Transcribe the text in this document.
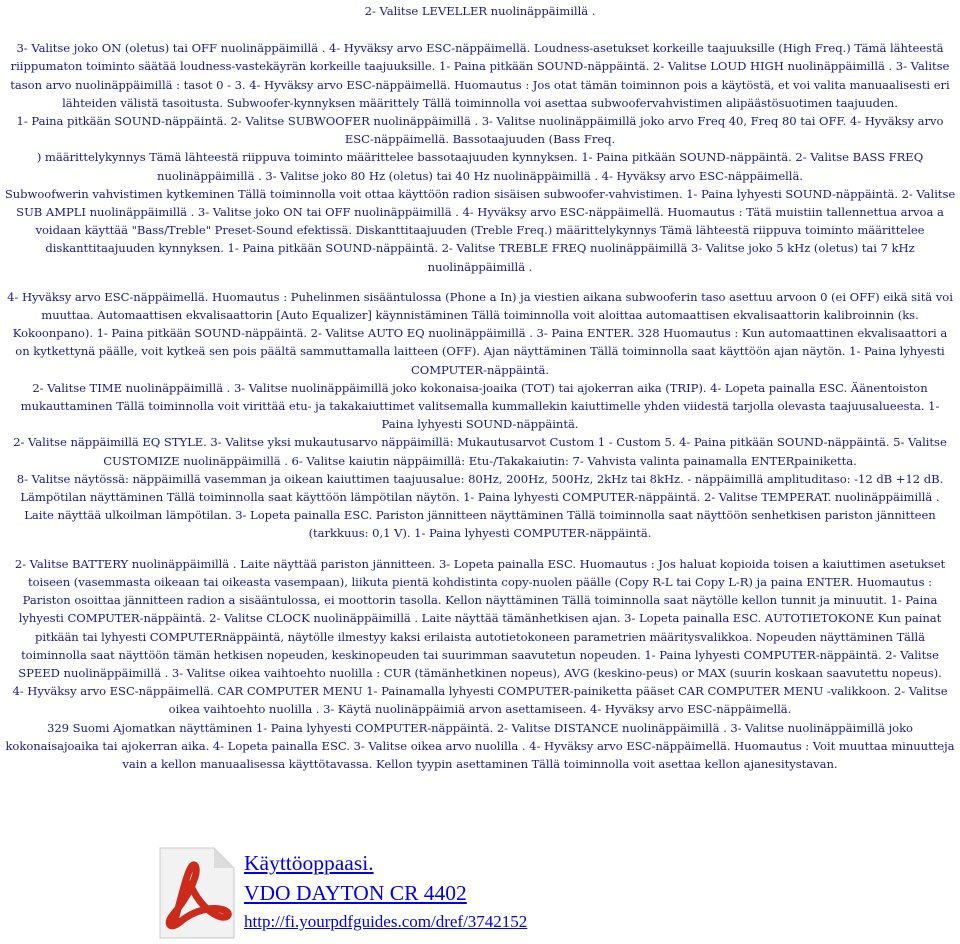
2- Valitse LEVELLER nuolinäppäimillä .

3- Valitse joko ON (oletus) tai OFF nuolinäppäimillä . 4- Hyväksy arvo ESC-näppäimellä. Loudness-asetukset korkeille taajuuksille (High Freq.) Tämä lähteestä riippumaton toiminto säätää loudness-vastekäyrän korkeille taajuuksille. 1- Paina pitkään SOUND-näppäintä. 2- Valitse LOUD HIGH nuolinäppäimillä . 3- Valitse tason arvo nuolinäppäimillä : tasot 0 - 3. 4- Hyväksy arvo ESC-näppäimellä. Huomautus : Jos otat tämän toiminnon pois a käytöstä, et voi valita manuaalisesti eri lähteiden välistä tasoitusta. Subwoofer-kynnyksen määrittely Tällä toiminnolla voi asettaa subwoofervahvistimen alipäästösuotimen taajuuden.

1- Paina pitkään SOUND-näppäintä. 2- Valitse SUBWOOFER nuolinäppäimillä . 3- Valitse nuolinäppäimillä joko arvo Freq 40, Freq 80 tai OFF. 4- Hyväksy arvo ESC-näppäimellä. Bassotaajuuden (Bass Freq.

) määrittelykynnys Tämä lähteestä riippuva toiminto määrittelee bassotaajuuden kynnyksen. 1- Paina pitkään SOUND-näppäintä. 2- Valitse BASS FREQ nuolinäppäimillä . 3- Valitse joko 80 Hz (oletus) tai 40 Hz nuolinäppäimillä . 4- Hyväksy arvo ESC-näppäimellä.

Subwoofwerin vahvistimen kytkeminen Tällä toiminnolla voit ottaa käyttöön radion sisäisen subwoofer-vahvistimen. 1- Paina lyhyesti SOUND-näppäintä. 2- Valitse SUB AMPLI nuolinäppäimillä . 3- Valitse joko ON tai OFF nuolinäppäimillä . 4- Hyväksy arvo ESC-näppäimellä. Huomautus : Tätä muistiin tallennettua arvoa a voidaan käyttää "Bass/Treble" Preset-Sound efektissä. Diskanttitaajuuden (Treble Freq.) määrittelykynnys Tämä lähteestä riippuva toiminto määrittelee diskanttitaajuuden kynnyksen. 1- Paina pitkään SOUND-näppäintä. 2- Valitse TREBLE FREQ nuolinäppäimillä 3- Valitse joko 5 kHz (oletus) tai 7 kHz nuolinäppäimillä .

4- Hyväksy arvo ESC-näppäimellä. Huomautus : Puhelinmen sisääntulossa (Phone a In) ja viestien aikana subwooferin taso asettuu arvoon 0 (ei OFF) eikä sitä voi muuttaa. Automaattisen ekvalisaattorin [Auto Equalizer] käynnistäminen Tällä toiminnolla voit aloittaa automaattisen ekvalisaattorin kalibroinnin (ks. Kokoonpano). 1- Paina pitkään SOUND-näppäintä. 2- Valitse AUTO EQ nuolinäppäimillä . 3- Paina ENTER. 328 Huomautus : Kun automaattinen ekvalisaattori a on kytkettynä päälle, voit kytkeä sen pois päältä sammuttamalla laitteen (OFF). Ajan näyttäminen Tällä toiminnolla saat käyttöön ajan näytön. 1- Paina lyhyesti COMPUTER-näppäintä.

2- Valitse TIME nuolinäppäimillä . 3- Valitse nuolinäppäimillä joko kokonaisa-joaika (TOT) tai ajokerran aika (TRIP). 4- Lopeta painalla ESC. Äänentoiston mukauttaminen Tällä toiminnolla voit virittää etu- ja takakaiuttimet valitsemalla kummallekin kaiuttimelle yhden viidestä tarjolla olevasta taajuusalueesta. 1- Paina lyhyesti SOUND-näppäintä.

2- Valitse näppäimillä EQ STYLE. 3- Valitse yksi mukautusarvo näppäimillä: Mukautusarvot Custom 1 - Custom 5. 4- Paina pitkään SOUND-näppäintä. 5- Valitse CUSTOMIZE nuolinäppäimillä . 6- Valitse kaiutin näppäimillä: Etu-/Takakaiutin: 7- Vahvista valinta painamalla ENTERpainiketta.

8- Valitse näytössä: näppäimillä vasemman ja oikean kaiuttimen taajuusalue: 80Hz, 200Hz, 500Hz, 2kHz tai 8kHz. - näppäimillä amplituditaso: -12 dB +12 dB. Lämpötilan näyttäminen Tällä toiminnolla saat käyttöön lämpötilan näytön. 1- Paina lyhyesti COMPUTER-näppäintä. 2- Valitse TEMPERAT. nuolinäppäimillä . Laite näyttää ulkoilman lämpötilan. 3- Lopeta painalla ESC. Pariston jännitteen näyttäminen Tällä toiminnolla saat näyttöön senhetkisen pariston jännitteen (tarkkuus: 0,1 V). 1- Paina lyhyesti COMPUTER-näppäintä.

2- Valitse BATTERY nuolinäppäimillä . Laite näyttää pariston jännitteen. 3- Lopeta painalla ESC. Huomautus : Jos haluat kopioida toisen a kaiuttimen asetukset toiseen (vasemmasta oikeaan tai oikeasta vasempaan), liikuta pientä kohdistinta copy-nuolen päälle (Copy R-L tai Copy L-R) ja paina ENTER. Huomautus : Pariston osoittaa jännitteen radion a sisääntulossa, ei moottorin tasolla. Kellon näyttäminen Tällä toiminnolla saat näytölle kellon tunnit ja minuutit. 1- Paina lyhyesti COMPUTER-näppäintä. 2- Valitse CLOCK nuolinäppäimillä . Laite näyttää tämänhetkisen ajan. 3- Lopeta painalla ESC. AUTOTIETOKONE Kun painat pitkään tai lyhyesti COMPUTERnäppäintä, näytölle ilmestyy kaksi erilaista autotietokoneen parametrien määritysvalikkoa. Nopeuden näyttäminen Tällä toiminnolla saat näyttöön tämän hetkisen nopeuden, keskinopeuden tai suurimman saavutetun nopeuden. 1- Paina lyhyesti COMPUTER-näppäintä. 2- Valitse SPEED nuolinäppäimillä . 3- Valitse oikea vaihtoehto nuolilla : CUR (tämänhetkinen nopeus), AVG (keskino-peus) or MAX (suurin koskaan saavutettu nopeus).

4- Hyväksy arvo ESC-näppäimellä. CAR COMPUTER MENU 1- Painamalla lyhyesti COMPUTER-painiketta pääset CAR COMPUTER MENU -valikkoon. 2- Valitse oikea vaihtoehto nuolilla . 3- Käytä nuolinäppäimiä arvon asettamiseen. 4- Hyväksy arvo ESC-näppäimellä.

329 Suomi Ajomatkan näyttäminen 1- Paina lyhyesti COMPUTER-näppäintä. 2- Valitse DISTANCE nuolinäppäimillä . 3- Valitse nuolinäppäimillä joko kokonaisajoaika tai ajokerran aika. 4- Lopeta painalla ESC. 3- Valitse oikea arvo nuolilla . 4- Hyväksy arvo ESC-näppäimellä. Huomautus : Voit muuttaa minuutteja vain a kellon manuaalisessa käyttötavassa. Kellon tyypin asettaminen Tällä toiminnolla voit asettaa kellon ajanesitystavan.

Käyttöoppaasi.
VDO DAYTON CR 4402
http://fi.yourpdfguides.com/dref/3742152
